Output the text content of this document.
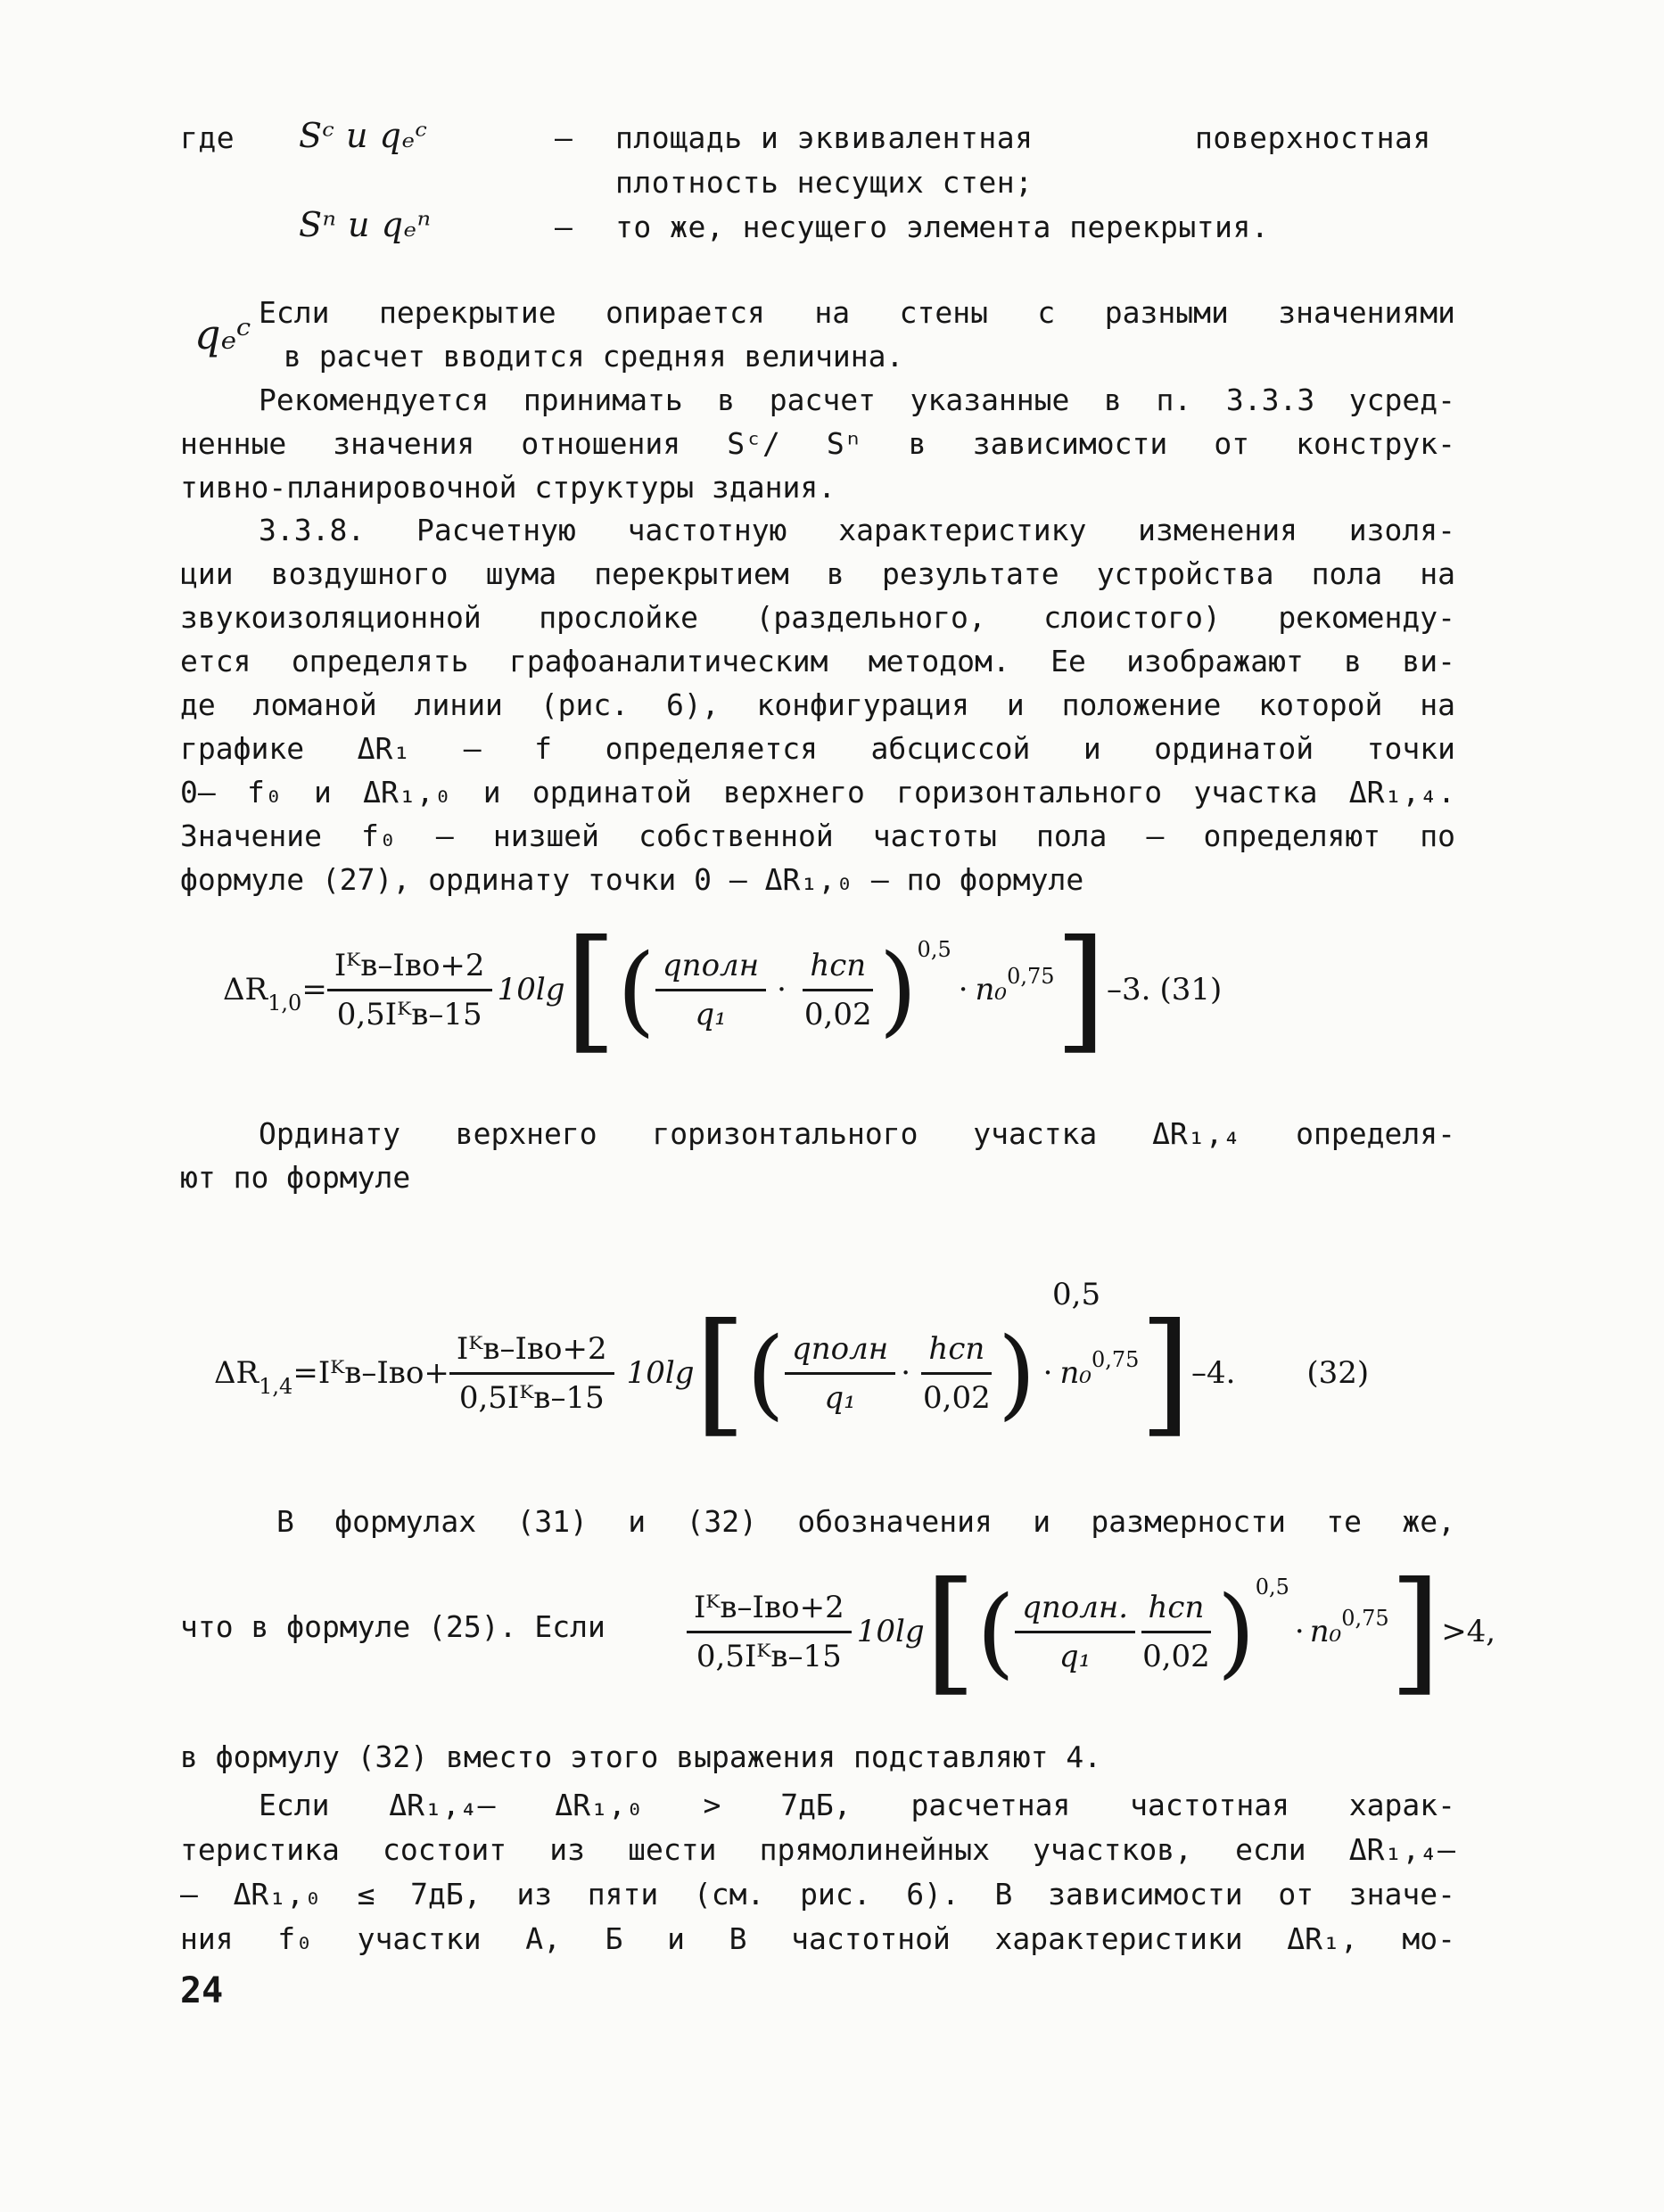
где Sᶜ и qₑᶜ	– площадь и эквивалентная	поверхностная
плотность несущих стен;
Sⁿ и qₑⁿ	– то же, несущего элемента перекрытия.
Если перекрытие опирается на стены с разными значениями
qₑᶜ в расчет вводится средняя величина.
Рекомендуется принимать в расчет указанные в п. 3.3.3 усред-
ненные значения отношения Sᶜ/ Sⁿ в зависимости от конструк-
тивно-планировочной структуры здания.
3.3.8. Расчетную частотную характеристику изменения изоля-
ции воздушного шума перекрытием в результате устройства пола на
звукоизоляционной прослойке (раздельного, слоистого) рекоменду-
ется определять графоаналитическим методом. Ее изображают в ви-
де ломаной линии (рис. 6), конфигурация и положение которой на
графике ΔR₁ – f определяется абсциссой и ординатой точки
0– f₀ и ΔR₁,₀ и ординатой верхнего горизонтального участка ΔR₁,₄.
Значение f₀ – низшей собственной частоты пола – определяют по
формуле (27), ординату точки 0 – ΔR₁,₀ – по формуле
$\Delta R_{1,0} = \frac{\text{Iᴷв–Iво+2}}{\text{0,5Iᴷв–15}} 10\lg$ [ ( $\frac{\text{qполн}}{\text{q₁}} \cdot \frac{\text{hсп}}{0,02} )^{0,5}$
· n₀$^{0,75}$ ] –3. (31)
Ординату верхнего горизонтального участка ΔR₁,₄ определя-
ют по формуле
$\Delta R_{1,4}$ =Iᴷв–Iво+ $\frac{\text{Iᴷв–Iво+2}}{\text{0,5Iᴷв–15}} 10\lg$ [ ( $\frac{\text{qполн}}{\text{q₁}} \cdot \frac{\text{hсп}}{0,02}$ ) · n₀$^{0,75}$ ] –4. (32)
0,5
В формулах (31) и (32) обозначения и размерности те же,
что в формуле (25). Если	$\frac{\text{Iᴷв–Iво+2}}{\text{0,5Iᴷв–15}} 10\lg$ [ ( $\frac{\text{qполн.}}{\text{q₁}} \frac{\text{hсп}}{0,02} )^{0,5}$
· n₀$^{0,75}$ ] >4,
в формулу (32) вместо этого выражения подставляют 4.
Если ΔR₁,₄– ΔR₁,₀ > 7дБ, расчетная частотная харак-
теристика состоит из шести прямолинейных участков, если ΔR₁,₄–
– ΔR₁,₀ ≤ 7дБ, из пяти (см. рис. 6). В зависимости от значе-
ния f₀ участки А, Б и В частотной характеристики ΔR₁, мо-
24
